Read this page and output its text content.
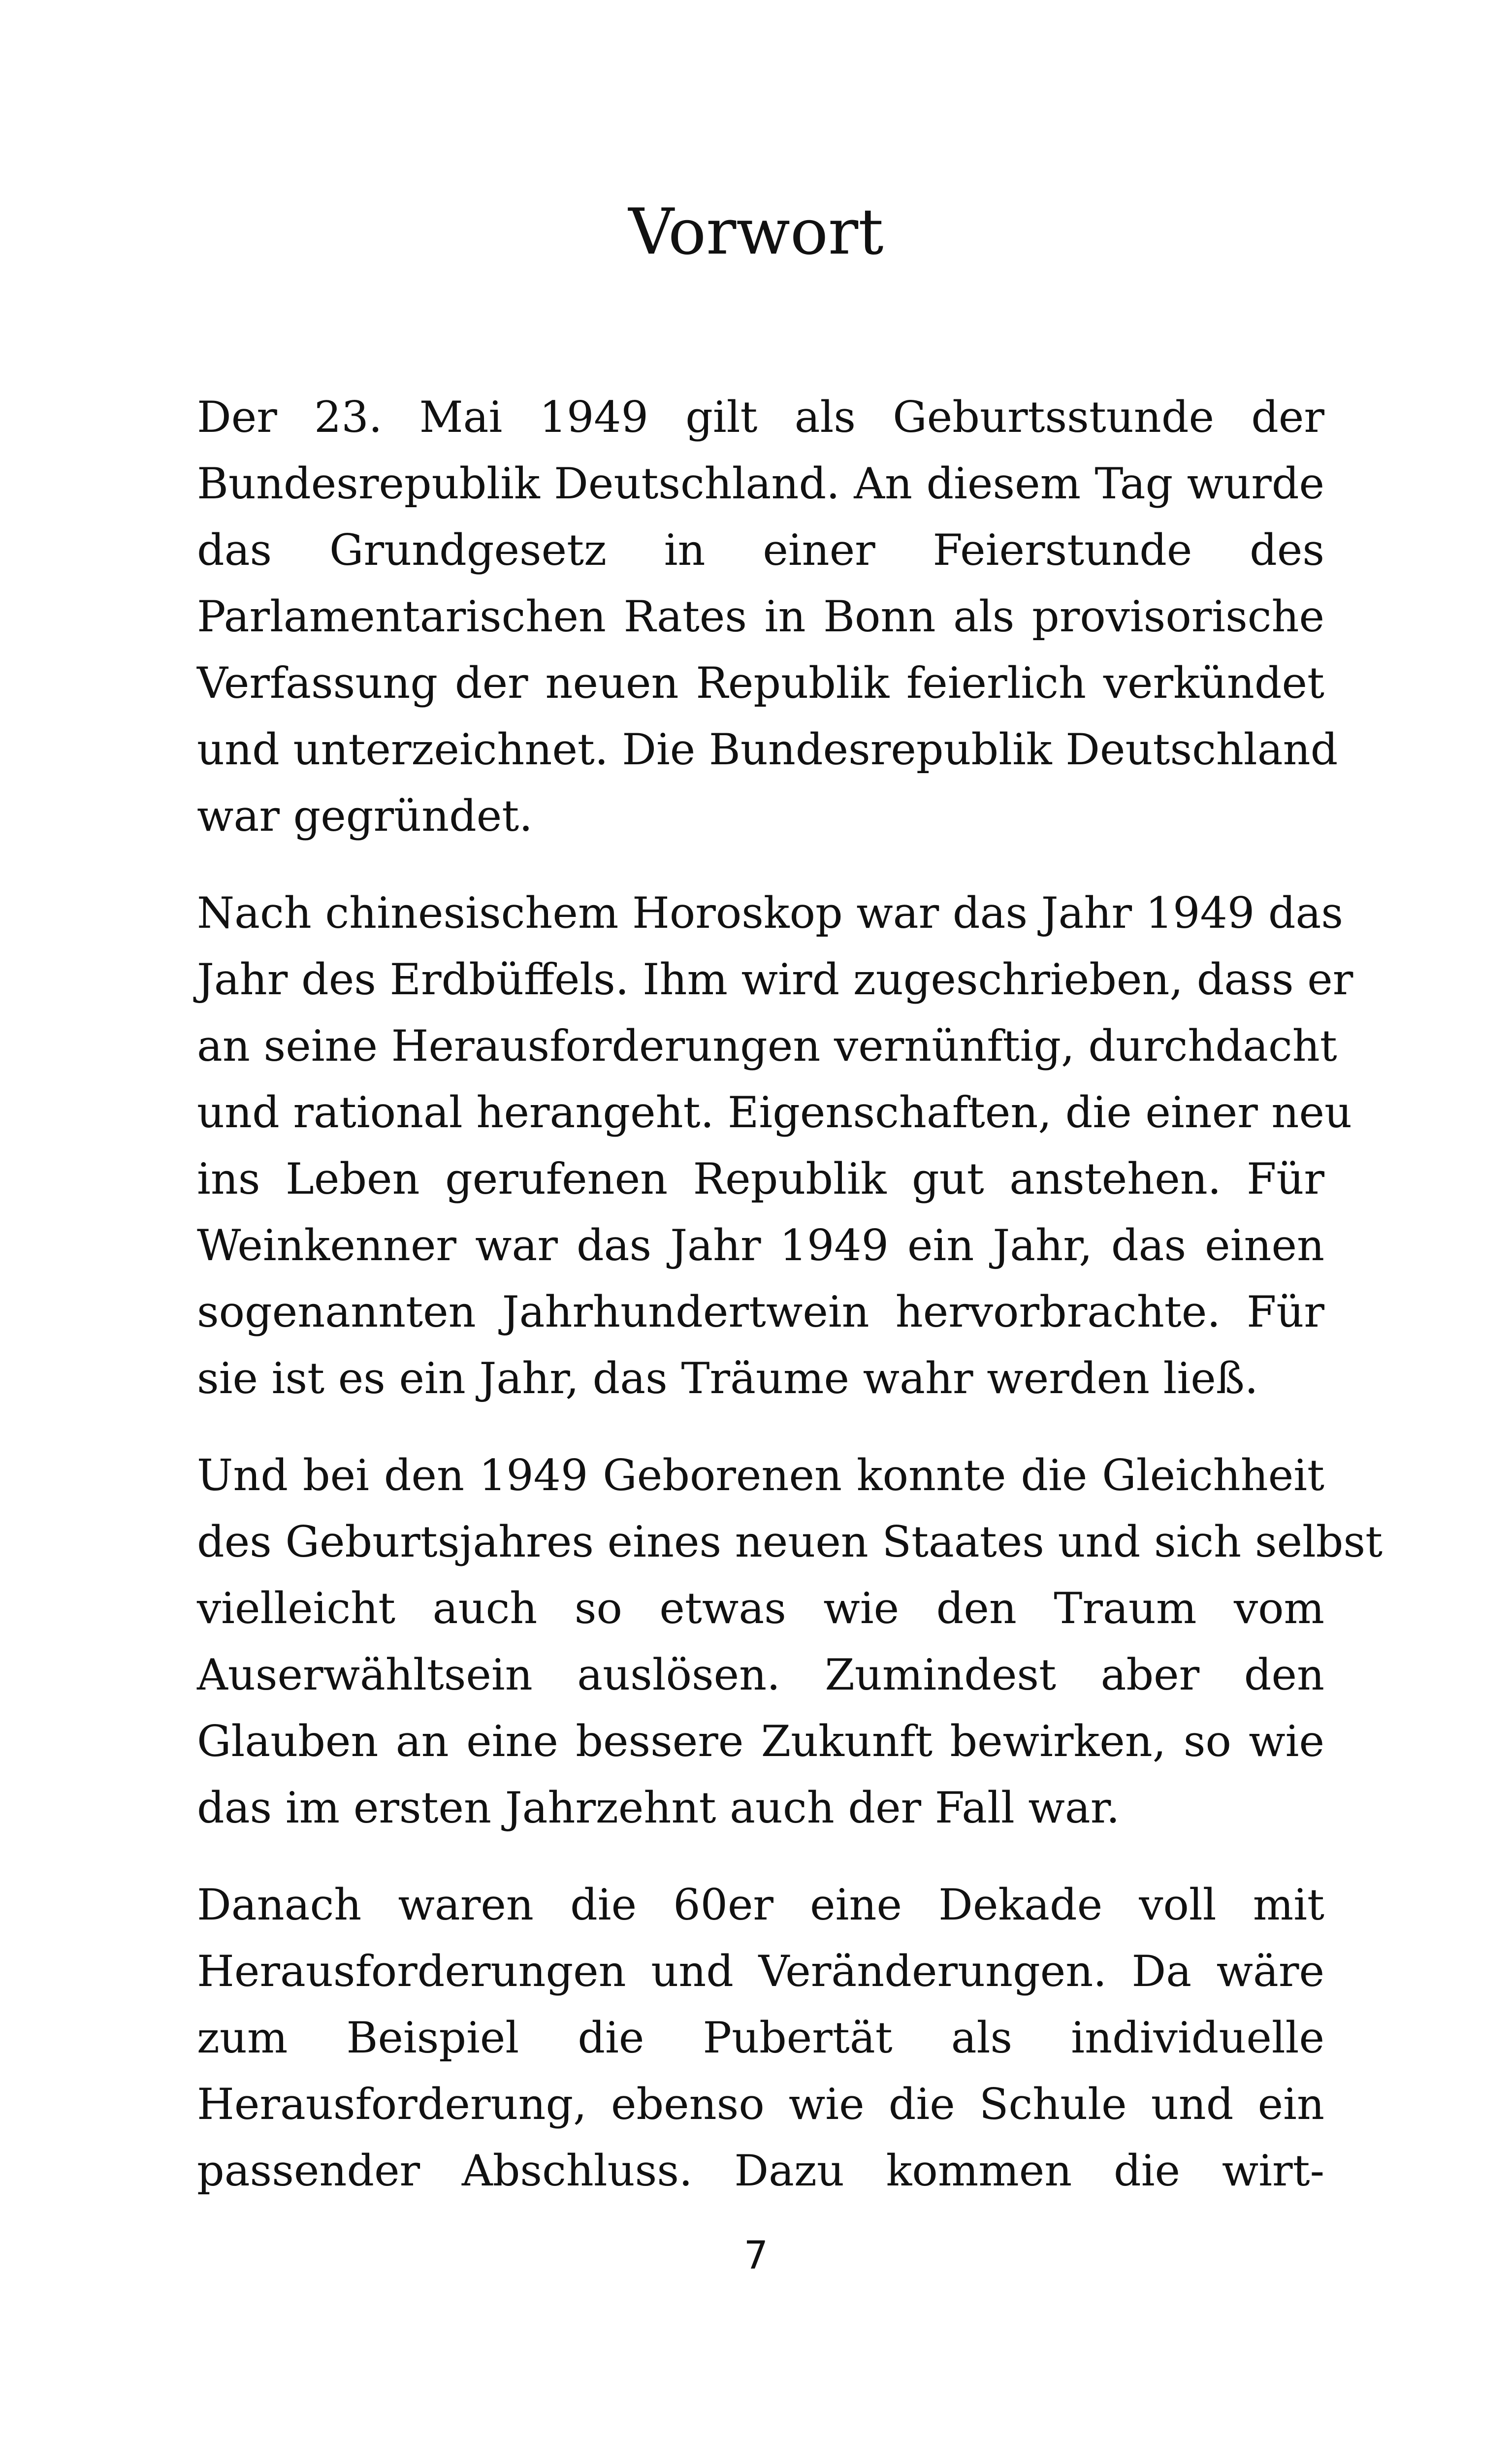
Vorwort
Der 23. Mai 1949 gilt als Geburtsstunde der
Bundesrepublik Deutschland. An diesem Tag wurde
das Grundgesetz in einer Feierstunde des
Parlamentarischen Rates in Bonn als provisorische
Verfassung der neuen Republik feierlich verkündet
und unterzeichnet. Die Bundesrepublik Deutschland
war gegründet.
Nach chinesischem Horoskop war das Jahr 1949 das
Jahr des Erdbüffels. Ihm wird zugeschrieben, dass er
an seine Herausforderungen vernünftig, durchdacht
und rational herangeht. Eigenschaften, die einer neu
ins Leben gerufenen Republik gut anstehen. Für
Weinkenner war das Jahr 1949 ein Jahr, das einen
sogenannten Jahrhundertwein hervorbrachte. Für
sie ist es ein Jahr, das Träume wahr werden ließ.
Und bei den 1949 Geborenen konnte die Gleichheit
des Geburtsjahres eines neuen Staates und sich selbst
vielleicht auch so etwas wie den Traum vom
Auserwähltsein auslösen. Zumindest aber den
Glauben an eine bessere Zukunft bewirken, so wie
das im ersten Jahrzehnt auch der Fall war.
Danach waren die 60er eine Dekade voll mit
Herausforderungen und Veränderungen. Da wäre
zum Beispiel die Pubertät als individuelle
Herausforderung, ebenso wie die Schule und ein
passender Abschluss. Dazu kommen die wirt-
7
